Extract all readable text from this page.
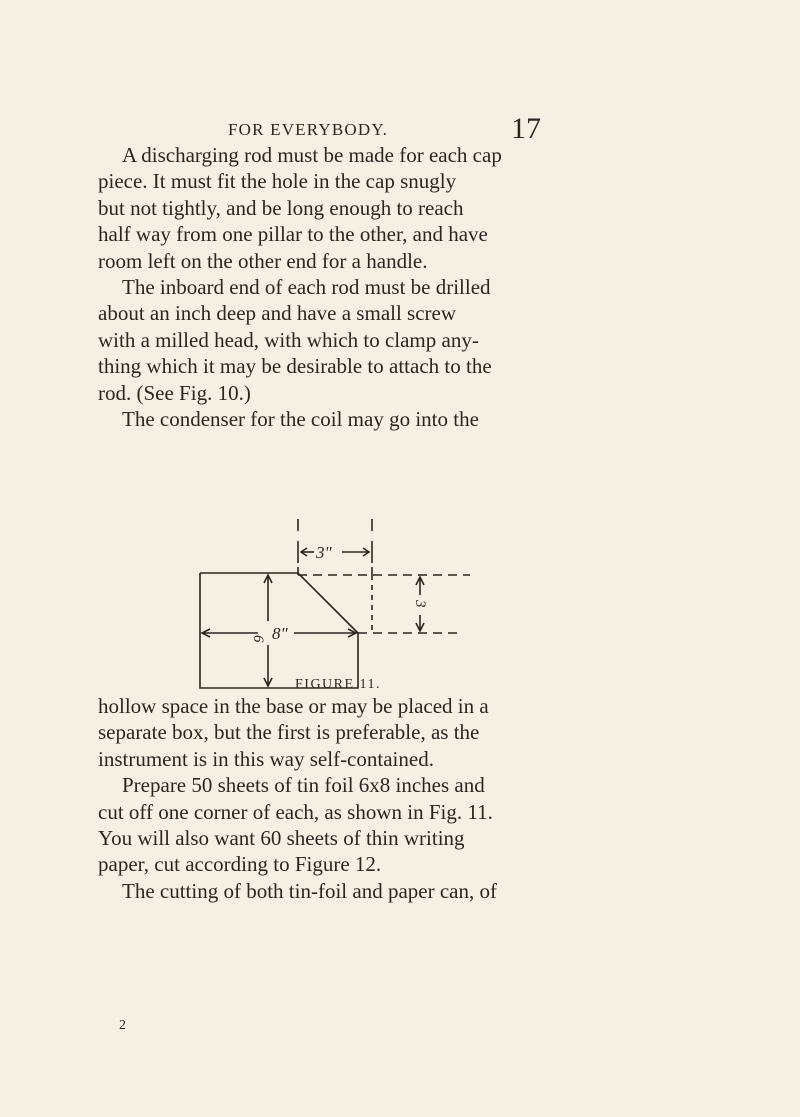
FOR EVERYBODY.	17
A discharging rod must be made for each cap
piece. It must fit the hole in the cap snugly
but not tightly, and be long enough to reach
half way from one pillar to the other, and have
room left on the other end for a handle.
The inboard end of each rod must be drilled
about an inch deep and have a small screw
with a milled head, with which to clamp any-
thing which it may be desirable to attach to the
rod. (See Fig. 10.)
The condenser for the coil may go into the
3"
8"
6
3
FIGURE 11.
hollow space in the base or may be placed in a
separate box, but the first is preferable, as the
instrument is in this way self-contained.
Prepare 50 sheets of tin foil 6x8 inches and
cut off one corner of each, as shown in Fig. 11.
You will also want 60 sheets of thin writing
paper, cut according to Figure 12.
The cutting of both tin-foil and paper can, of
2
